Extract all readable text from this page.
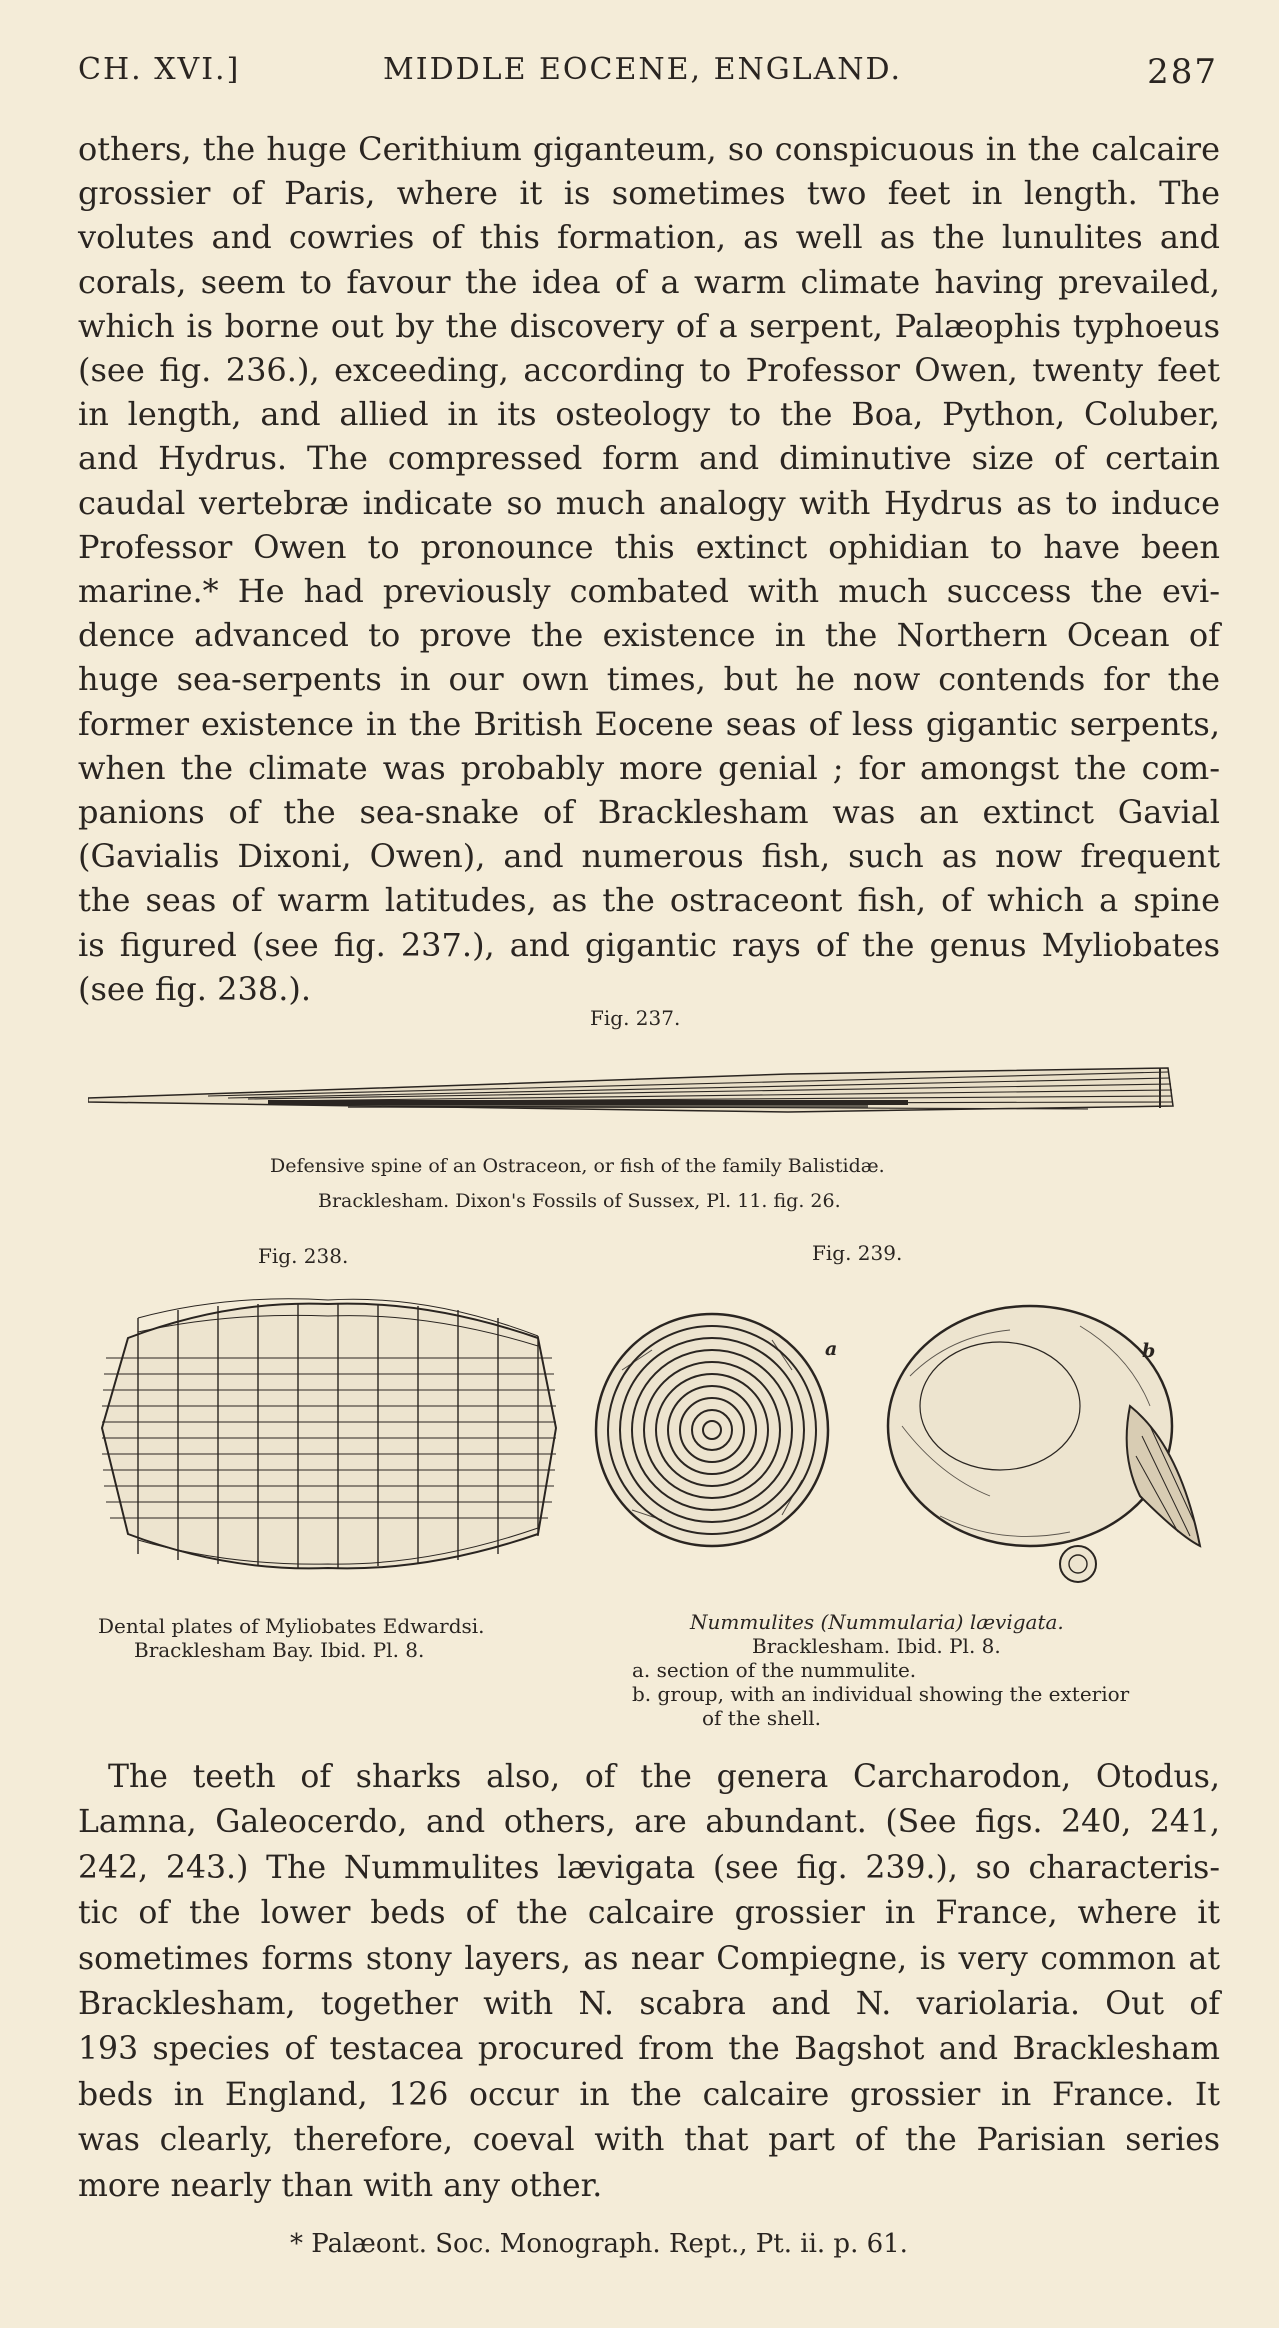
CH. XVI.]	MIDDLE EOCENE, ENGLAND.	287
others, the huge Cerithium giganteum, so conspicuous in the calcaire
grossier of Paris, where it is sometimes two feet in length. The
volutes and cowries of this formation, as well as the lunulites and
corals, seem to favour the idea of a warm climate having prevailed,
which is borne out by the discovery of a serpent, Palæophis typhoeus
(see fig. 236.), exceeding, according to Professor Owen, twenty feet
in length, and allied in its osteology to the Boa, Python, Coluber,
and Hydrus. The compressed form and diminutive size of certain
caudal vertebræ indicate so much analogy with Hydrus as to induce
Professor Owen to pronounce this extinct ophidian to have been
marine.* He had previously combated with much success the evi-
dence advanced to prove the existence in the Northern Ocean of
huge sea-serpents in our own times, but he now contends for the
former existence in the British Eocene seas of less gigantic serpents,
when the climate was probably more genial ; for amongst the com-
panions of the sea-snake of Bracklesham was an extinct Gavial
(Gavialis Dixoni, Owen), and numerous fish, such as now frequent
the seas of warm latitudes, as the ostraceont fish, of which a spine
is figured (see fig. 237.), and gigantic rays of the genus Myliobates
(see fig. 238.).
Fig. 237.
Defensive spine of an Ostraceon, or fish of the family Balistidæ.
Bracklesham. Dixon's Fossils of Sussex, Pl. 11. fig. 26.
Fig. 238.	Fig. 239.
a	b
Dental plates of Myliobates Edwardsi.
Bracklesham Bay. Ibid. Pl. 8.
Nummulites (Nummularia) lævigata.
Bracklesham. Ibid. Pl. 8.
a. section of the nummulite.
b. group, with an individual showing the exterior
of the shell.
The teeth of sharks also, of the genera Carcharodon, Otodus,
Lamna, Galeocerdo, and others, are abundant. (See figs. 240, 241,
242, 243.) The Nummulites lævigata (see fig. 239.), so characteris-
tic of the lower beds of the calcaire grossier in France, where it
sometimes forms stony layers, as near Compiegne, is very common at
Bracklesham, together with N. scabra and N. variolaria. Out of
193 species of testacea procured from the Bagshot and Bracklesham
beds in England, 126 occur in the calcaire grossier in France. It
was clearly, therefore, coeval with that part of the Parisian series
more nearly than with any other.
* Palæont. Soc. Monograph. Rept., Pt. ii. p. 61.
